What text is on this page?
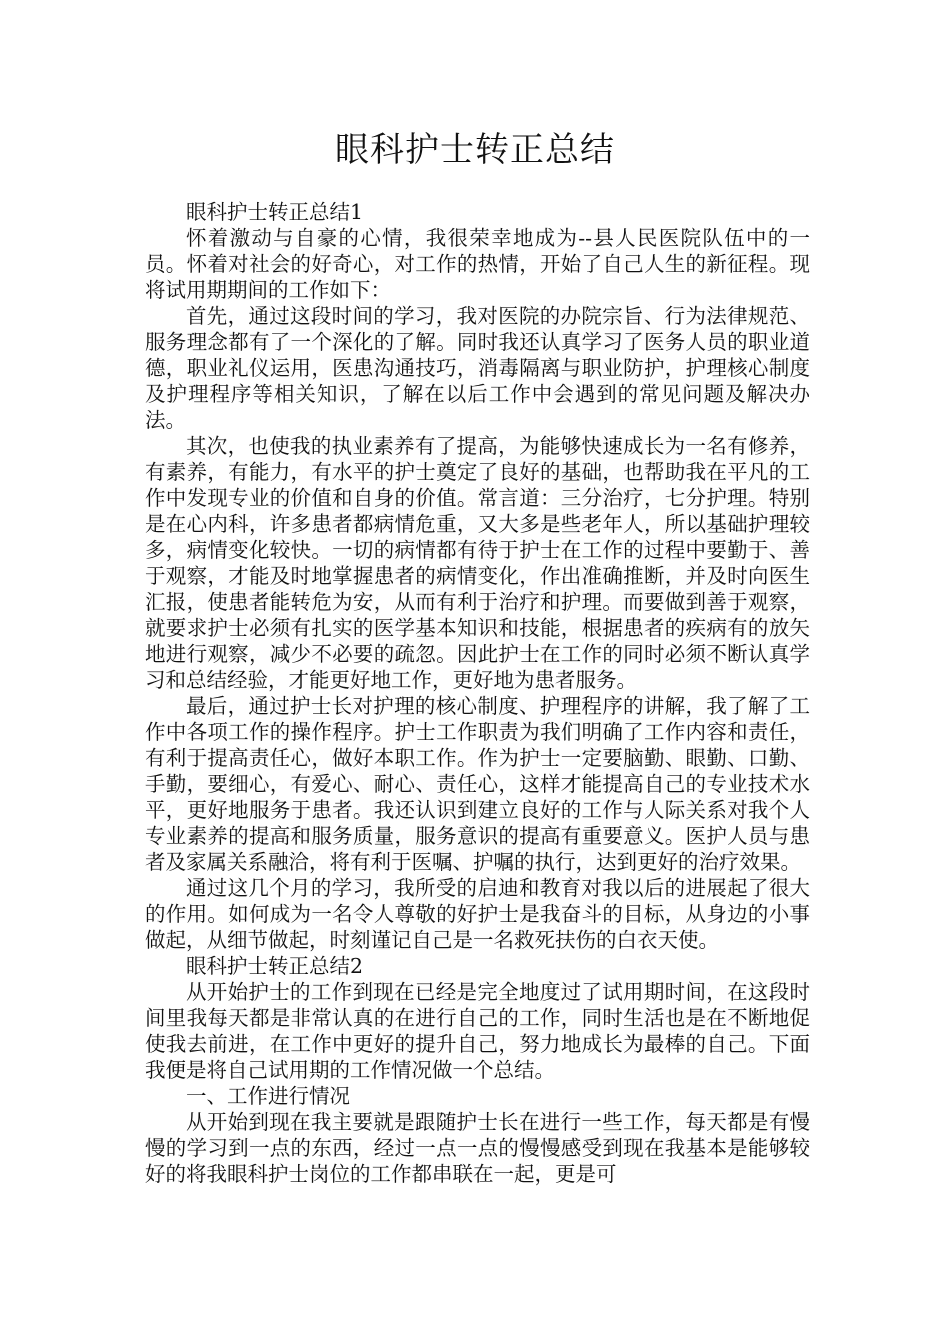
眼科护士转正总结

眼科护士转正总结1

怀着激动与自豪的心情，我很荣幸地成为--县人民医院队伍中的一员。怀着对社会的好奇心，对工作的热情，开始了自己人生的新征程。现将试用期期间的工作如下：

首先，通过这段时间的学习，我对医院的办院宗旨、行为法律规范、服务理念都有了一个深化的了解。同时我还认真学习了医务人员的职业道德，职业礼仪运用，医患沟通技巧，消毒隔离与职业防护，护理核心制度及护理程序等相关知识，了解在以后工作中会遇到的常见问题及解决办法。

其次，也使我的执业素养有了提高，为能够快速成长为一名有修养，有素养，有能力，有水平的护士奠定了良好的基础，也帮助我在平凡的工作中发现专业的价值和自身的价值。常言道：三分治疗，七分护理。特别是在心内科，许多患者都病情危重，又大多是些老年人，所以基础护理较多，病情变化较快。一切的病情都有待于护士在工作的过程中要勤于、善于观察，才能及时地掌握患者的病情变化，作出准确推断，并及时向医生汇报，使患者能转危为安，从而有利于治疗和护理。而要做到善于观察，就要求护士必须有扎实的医学基本知识和技能，根据患者的疾病有的放矢地进行观察，减少不必要的疏忽。因此护士在工作的同时必须不断认真学习和总结经验，才能更好地工作，更好地为患者服务。

最后，通过护士长对护理的核心制度、护理程序的讲解，我了解了工作中各项工作的操作程序。护士工作职责为我们明确了工作内容和责任，有利于提高责任心，做好本职工作。作为护士一定要脑勤、眼勤、口勤、手勤，要细心，有爱心、耐心、责任心，这样才能提高自己的专业技术水平，更好地服务于患者。我还认识到建立良好的工作与人际关系对我个人专业素养的提高和服务质量，服务意识的提高有重要意义。医护人员与患者及家属关系融洽，将有利于医嘱、护嘱的执行，达到更好的治疗效果。

通过这几个月的学习，我所受的启迪和教育对我以后的进展起了很大的作用。如何成为一名令人尊敬的好护士是我奋斗的目标，从身边的小事做起，从细节做起，时刻谨记自己是一名救死扶伤的白衣天使。

眼科护士转正总结2

从开始护士的工作到现在已经是完全地度过了试用期时间，在这段时间里我每天都是非常认真的在进行自己的工作，同时生活也是在不断地促使我去前进，在工作中更好的提升自己，努力地成长为最棒的自己。下面我便是将自己试用期的工作情况做一个总结。

一、工作进行情况

从开始到现在我主要就是跟随护士长在进行一些工作，每天都是有慢慢的学习到一点的东西，经过一点一点的慢慢感受到现在我基本是能够较好的将我眼科护士岗位的工作都串联在一起，更是可
